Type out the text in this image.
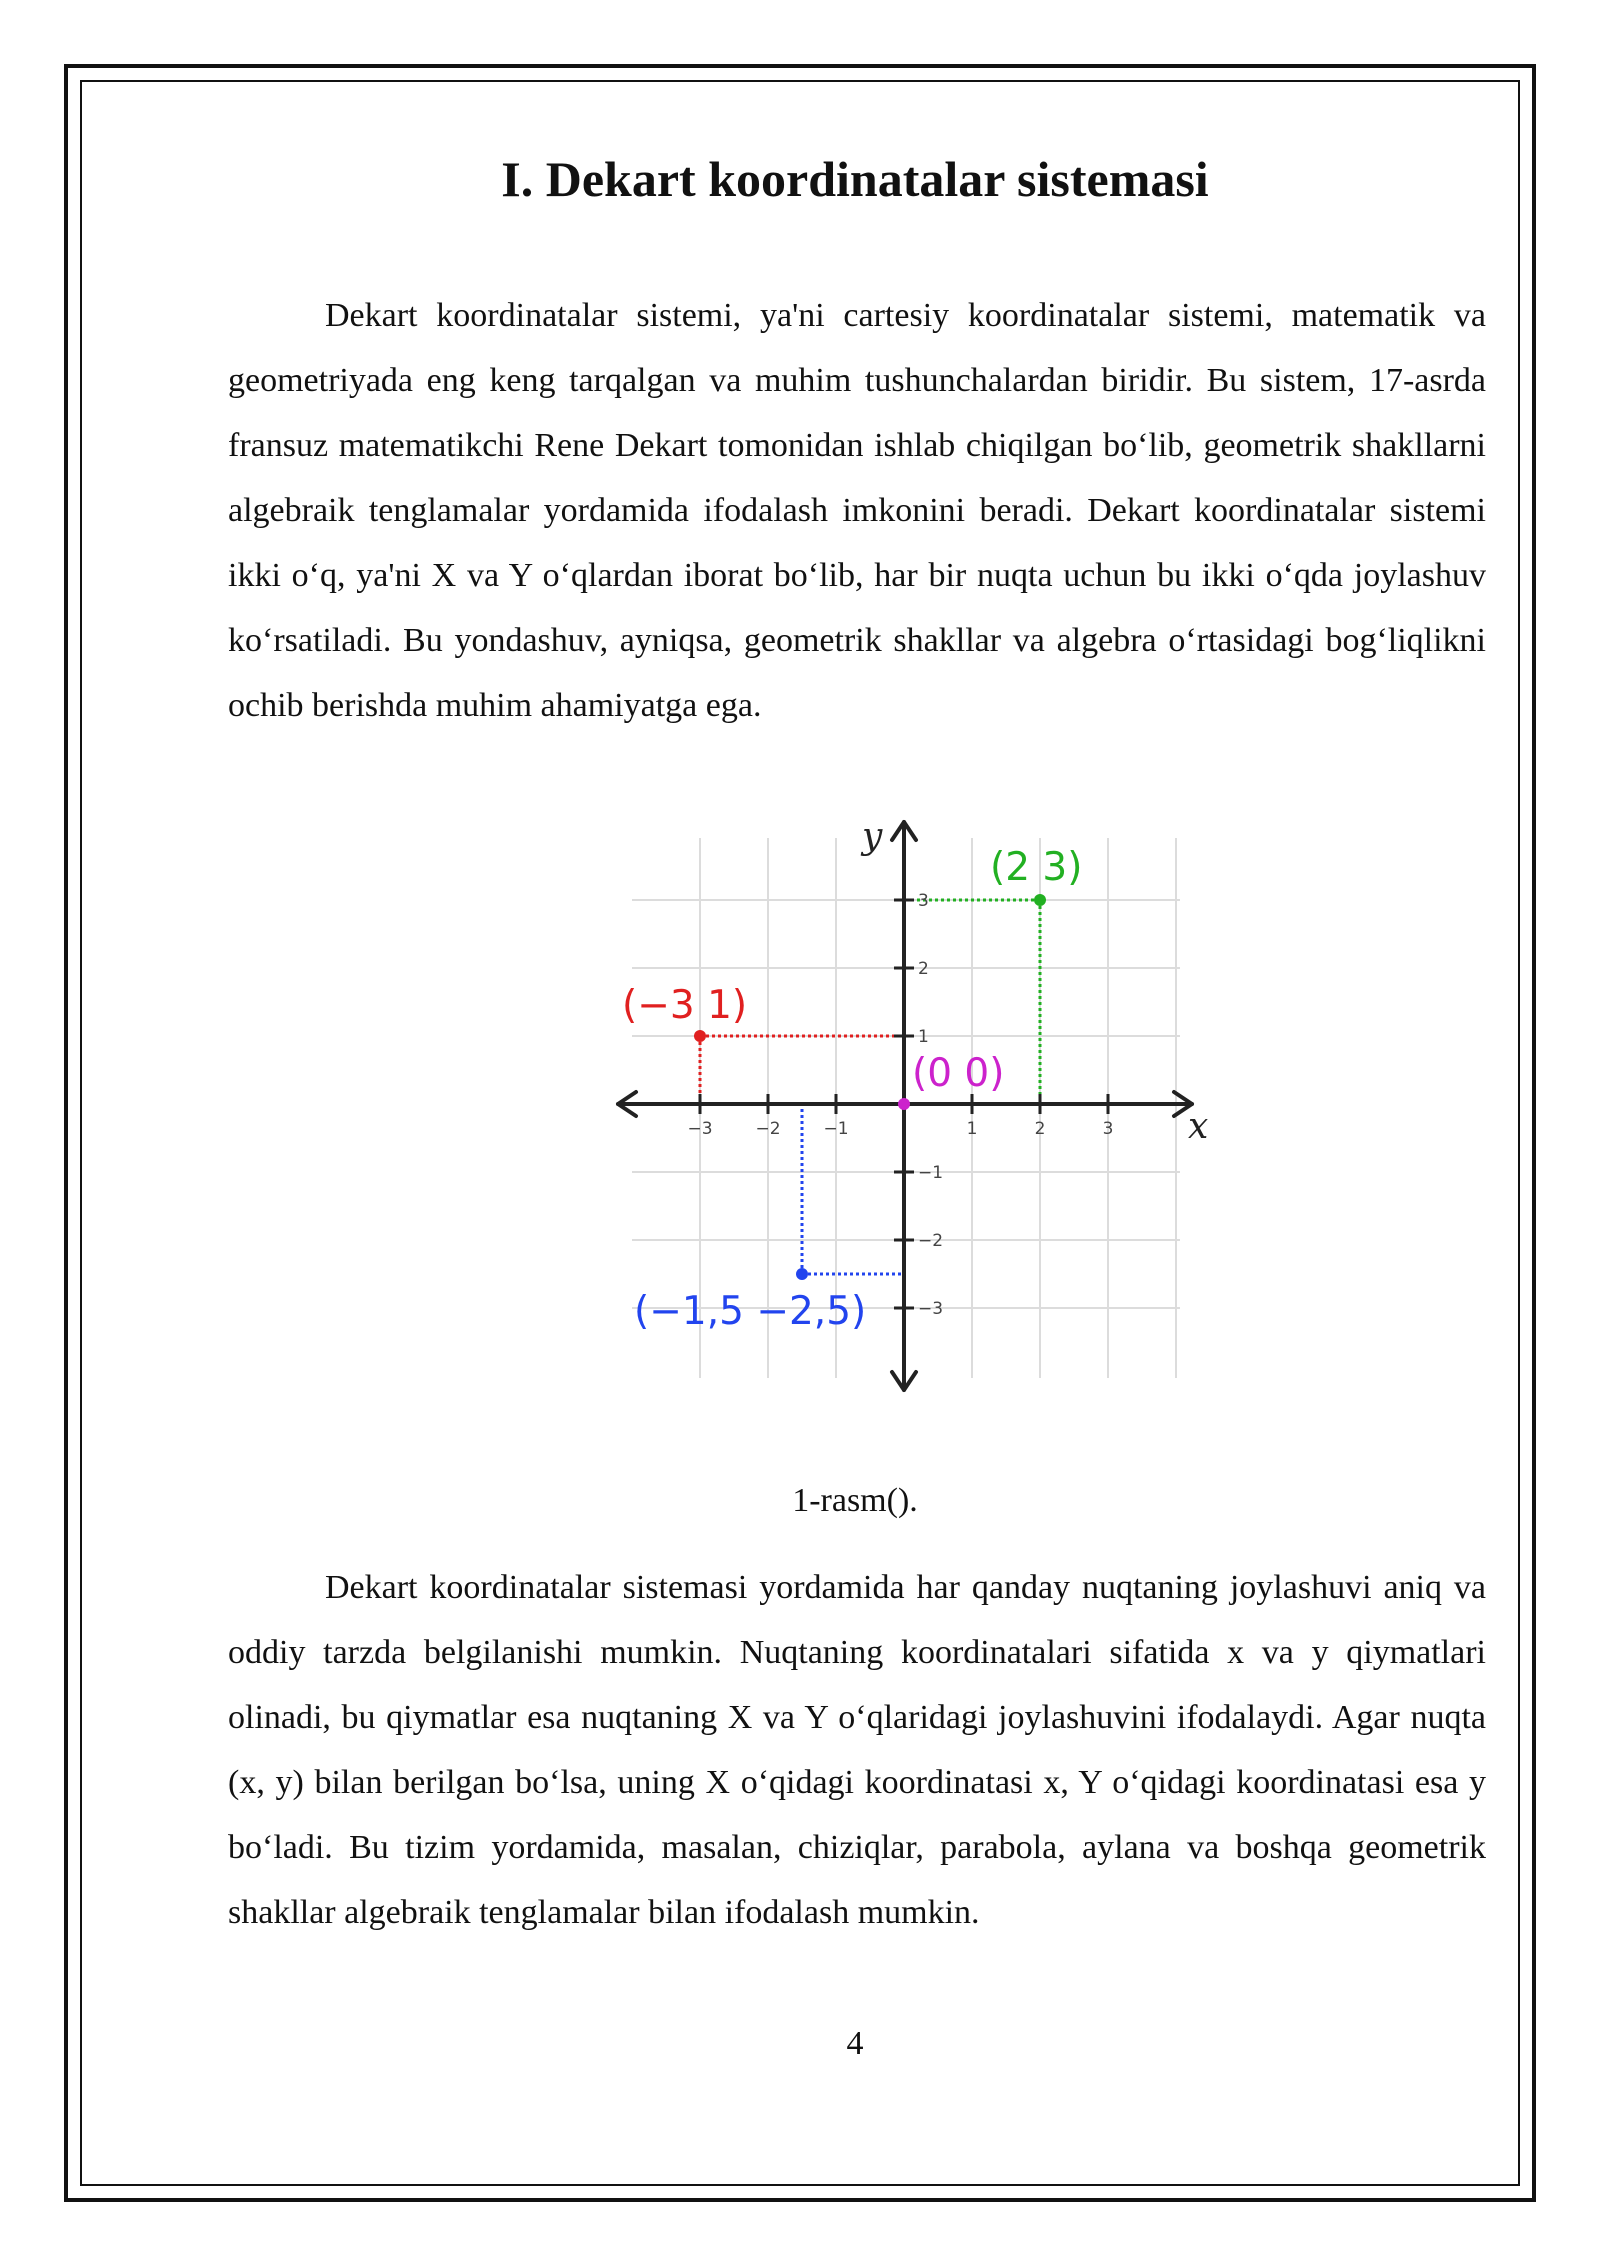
I. Dekart koordinatalar sistemasi

Dekart koordinatalar sistemi, ya'ni cartesiy koordinatalar sistemi, matematik va geometriyada eng keng tarqalgan va muhim tushunchalardan biridir. Bu sistem, 17-asrda fransuz matematikchi Rene Dekart tomonidan ishlab chiqilgan bo‘lib, geometrik shakllarni algebraik tenglamalar yordamida ifodalash imkonini beradi. Dekart koordinatalar sistemi ikki o‘q, ya'ni X va Y o‘qlardan iborat bo‘lib, har bir nuqta uchun bu ikki o‘qda joylashuv ko‘rsatiladi. Bu yondashuv, ayniqsa, geometrik shakllar va algebra o‘rtasidagi bog‘liqlikni ochib berishda muhim ahamiyatga ega.

−3	−2	−1	1	2	3
3
2
1
−1
−2
−3
x
y
(2 3)
(−3 1)
(0 0)
(−1,5 −2,5)
1-rasm().

Dekart koordinatalar sistemasi yordamida har qanday nuqtaning joylashuvi aniq va oddiy tarzda belgilanishi mumkin. Nuqtaning koordinatalari sifatida x va y qiymatlari olinadi, bu qiymatlar esa nuqtaning X va Y o‘qlaridagi joylashuvini ifodalaydi. Agar nuqta (x, y) bilan berilgan bo‘lsa, uning X o‘qidagi koordinatasi x, Y o‘qidagi koordinatasi esa y bo‘ladi. Bu tizim yordamida, masalan, chiziqlar, parabola, aylana va boshqa geometrik shakllar algebraik tenglamalar bilan ifodalash mumkin.

4
